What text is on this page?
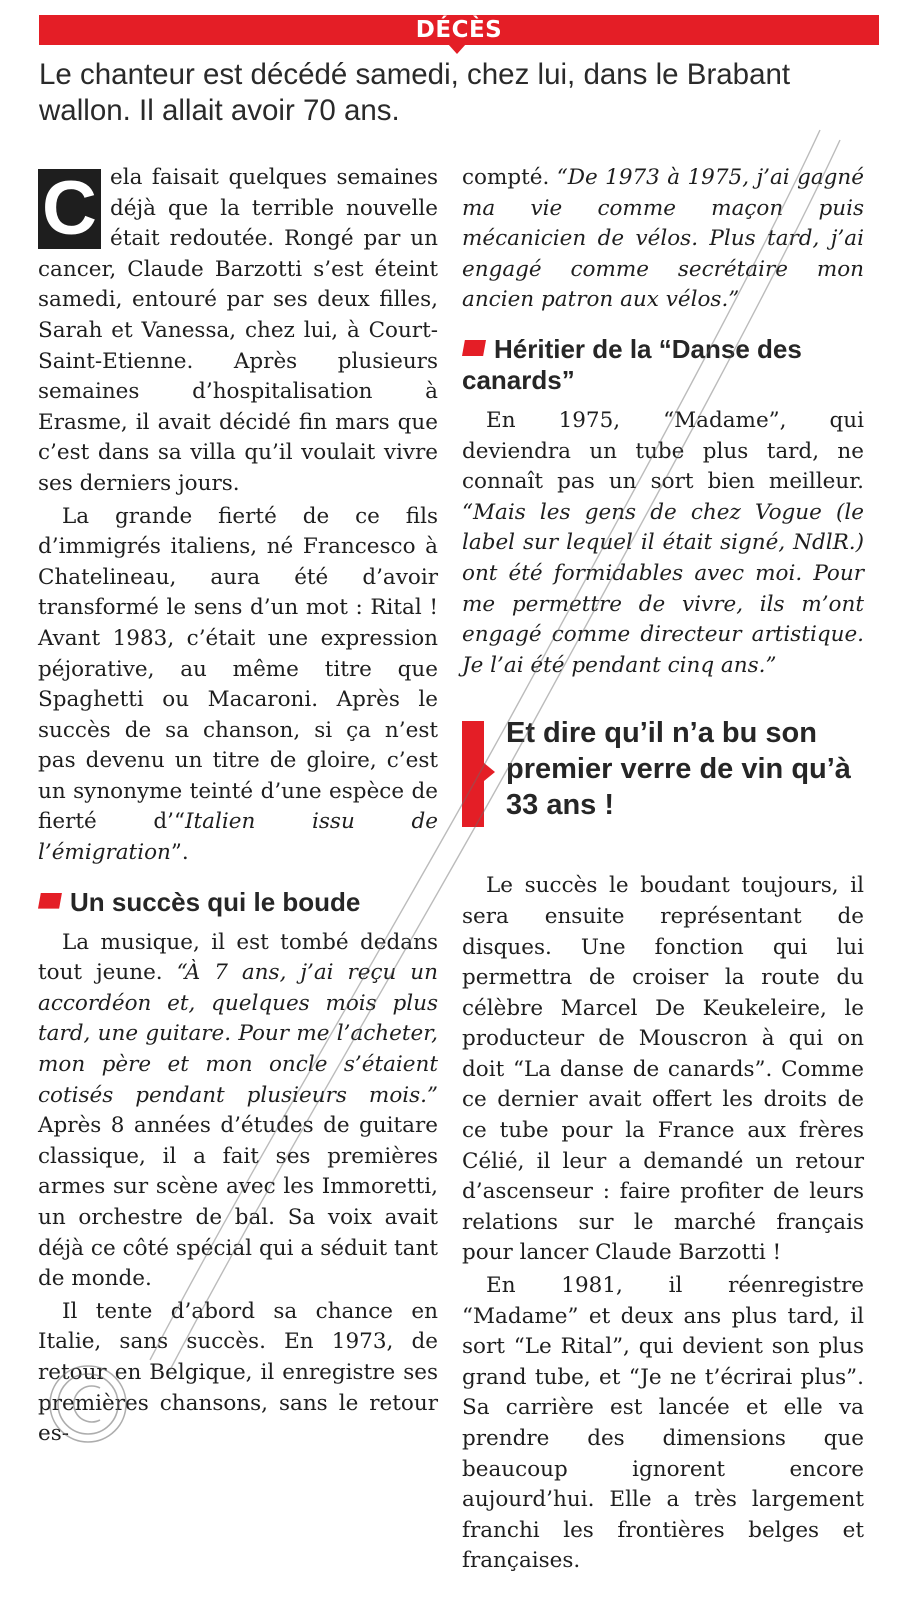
DÉCÈS

Le chanteur est décédé samedi, chez lui, dans le Brabant wallon. Il allait avoir 70 ans.

C ela faisait quelques semaines déjà que la terrible nouvelle était redoutée. Rongé par un cancer, Claude Barzotti s’est éteint samedi, entouré par ses deux filles, Sarah et Vanessa, chez lui, à Court-Saint-Etienne. Après plusieurs semaines d’hospitalisation à Erasme, il avait décidé fin mars que c’est dans sa villa qu’il voulait vivre ses derniers jours.

La grande fierté de ce fils d’immigrés italiens, né Francesco à Chatelineau, aura été d’avoir transformé le sens d’un mot : Rital ! Avant 1983, c’était une expression péjorative, au même titre que Spaghetti ou Macaroni. Après le succès de sa chanson, si ça n’est pas devenu un titre de gloire, c’est un synonyme teinté d’une espèce de fierté d’“Italien issu de l’émigration”.

Un succès qui le boude

La musique, il est tombé dedans tout jeune. “À 7 ans, j’ai reçu un accordéon et, quelques mois plus tard, une guitare. Pour me l’acheter, mon père et mon oncle s’étaient cotisés pendant plusieurs mois.” Après 8 années d’études de guitare classique, il a fait ses premières armes sur scène avec les Immoretti, un orchestre de bal. Sa voix avait déjà ce côté spécial qui a séduit tant de monde.

Il tente d’abord sa chance en Italie, sans succès. En 1973, de retour en Belgique, il enregistre ses premières chansons, sans le retour es-

compté. “De 1973 à 1975, j’ai gagné ma vie comme maçon puis mécanicien de vélos. Plus tard, j’ai engagé comme secrétaire mon ancien patron aux vélos.”

Héritier de la “Danse des canards”

En 1975, “Madame”, qui deviendra un tube plus tard, ne connaît pas un sort bien meilleur. “Mais les gens de chez Vogue (le label sur lequel il était signé, NdlR.) ont été formidables avec moi. Pour me permettre de vivre, ils m’ont engagé comme directeur artistique. Je l’ai été pendant cinq ans.”

Et dire qu’il n’a bu son premier verre de vin qu’à 33 ans !

Le succès le boudant toujours, il sera ensuite représentant de disques. Une fonction qui lui permettra de croiser la route du célèbre Marcel De Keukeleire, le producteur de Mouscron à qui on doit “La danse de canards”. Comme ce dernier avait offert les droits de ce tube pour la France aux frères Célié, il leur a demandé un retour d’ascenseur : faire profiter de leurs relations sur le marché français pour lancer Claude Barzotti !

En 1981, il réenregistre “Madame” et deux ans plus tard, il sort “Le Rital”, qui devient son plus grand tube, et “Je ne t’écrirai plus”. Sa carrière est lancée et elle va prendre des dimensions que beaucoup ignorent encore aujourd’hui. Elle a très largement franchi les frontières belges et françaises.
